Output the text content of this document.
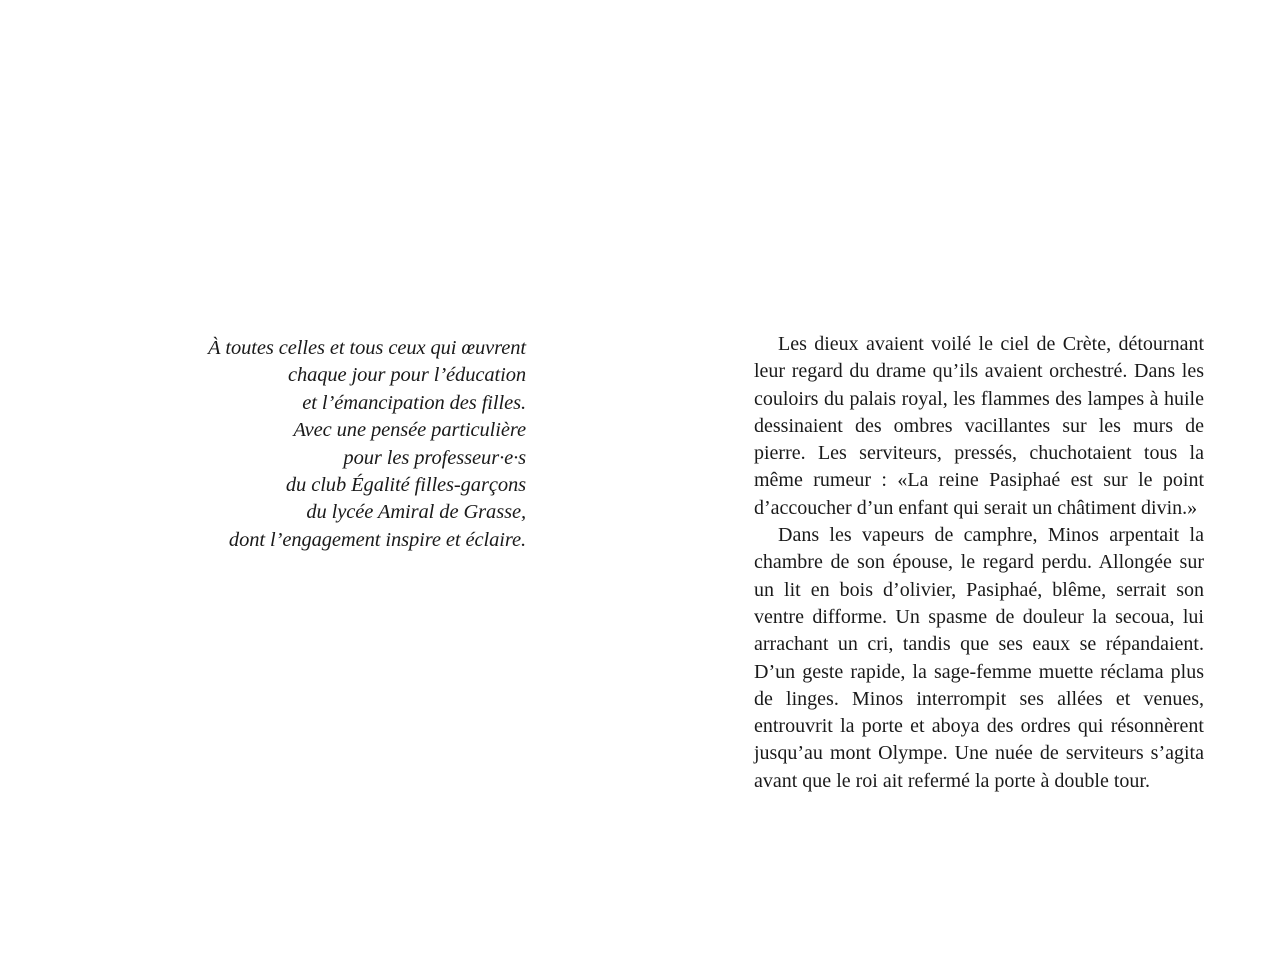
À toutes celles et tous ceux qui œuvrent
chaque jour pour l’éducation
et l’émancipation des filles.
Avec une pensée particulière
pour les professeur·e·s
du club Égalité filles-garçons
du lycée Amiral de Grasse,
dont l’engagement inspire et éclaire.

Les dieux avaient voilé le ciel de Crète, détournant leur regard du drame qu’ils avaient orchestré. Dans les couloirs du palais royal, les flammes des lampes à huile dessinaient des ombres vacillantes sur les murs de pierre. Les serviteurs, pressés, chuchotaient tous la même rumeur : «La reine Pasiphaé est sur le point d’accoucher d’un enfant qui serait un châtiment divin.»

Dans les vapeurs de camphre, Minos arpentait la chambre de son épouse, le regard perdu. Allongée sur un lit en bois d’olivier, Pasiphaé, blême, serrait son ventre difforme. Un spasme de douleur la secoua, lui arrachant un cri, tandis que ses eaux se répandaient. D’un geste rapide, la sage-femme muette réclama plus de linges. Minos interrompit ses allées et venues, entrouvrit la porte et aboya des ordres qui résonnèrent jusqu’au mont Olympe. Une nuée de serviteurs s’agita avant que le roi ait refermé la porte à double tour.
